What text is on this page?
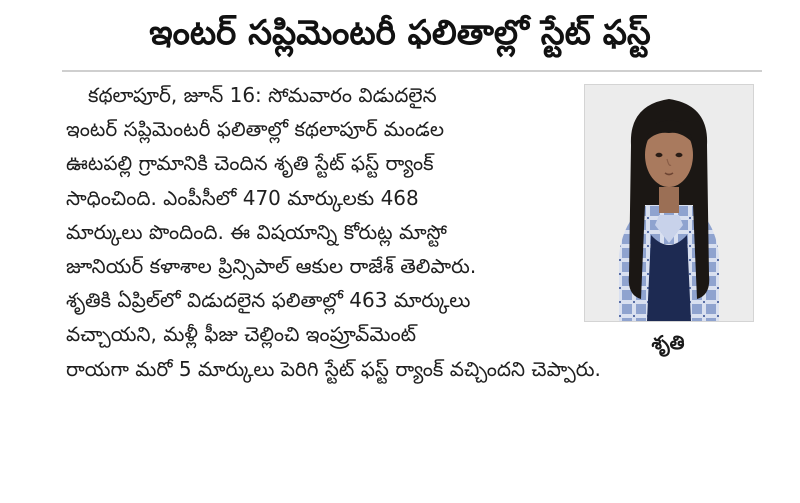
ఇంటర్ సప్లిమెంటరీ ఫలితాల్లో స్టేట్ ఫస్ట్
కథలాపూర్, జూన్ 16: సోమవారం విడుదలైన
ఇంటర్ సప్లిమెంటరీ ఫలితాల్లో కథలాపూర్ మండల
ఊటపల్లి గ్రామానికి చెందిన శృతి స్టేట్ ఫస్ట్ ర్యాంక్
సాధించింది. ఎంపీసీలో 470 మార్కులకు 468
మార్కులు పొందింది. ఈ విషయాన్ని కోరుట్ల మాస్టో
జూనియర్ కళాశాల ప్రిన్సిపాల్ ఆకుల రాజేశ్ తెలిపారు.
శృతికి ఏప్రిల్‌లో విడుదలైన ఫలితాల్లో 463 మార్కులు
వచ్చాయని, మళ్లీ ఫీజు చెల్లించి ఇంప్రూవ్‌మెంట్
రాయగా మరో 5 మార్కులు పెరిగి స్టేట్ ఫస్ట్ ర్యాంక్ వచ్చిందని చెప్పారు.
శృతి
